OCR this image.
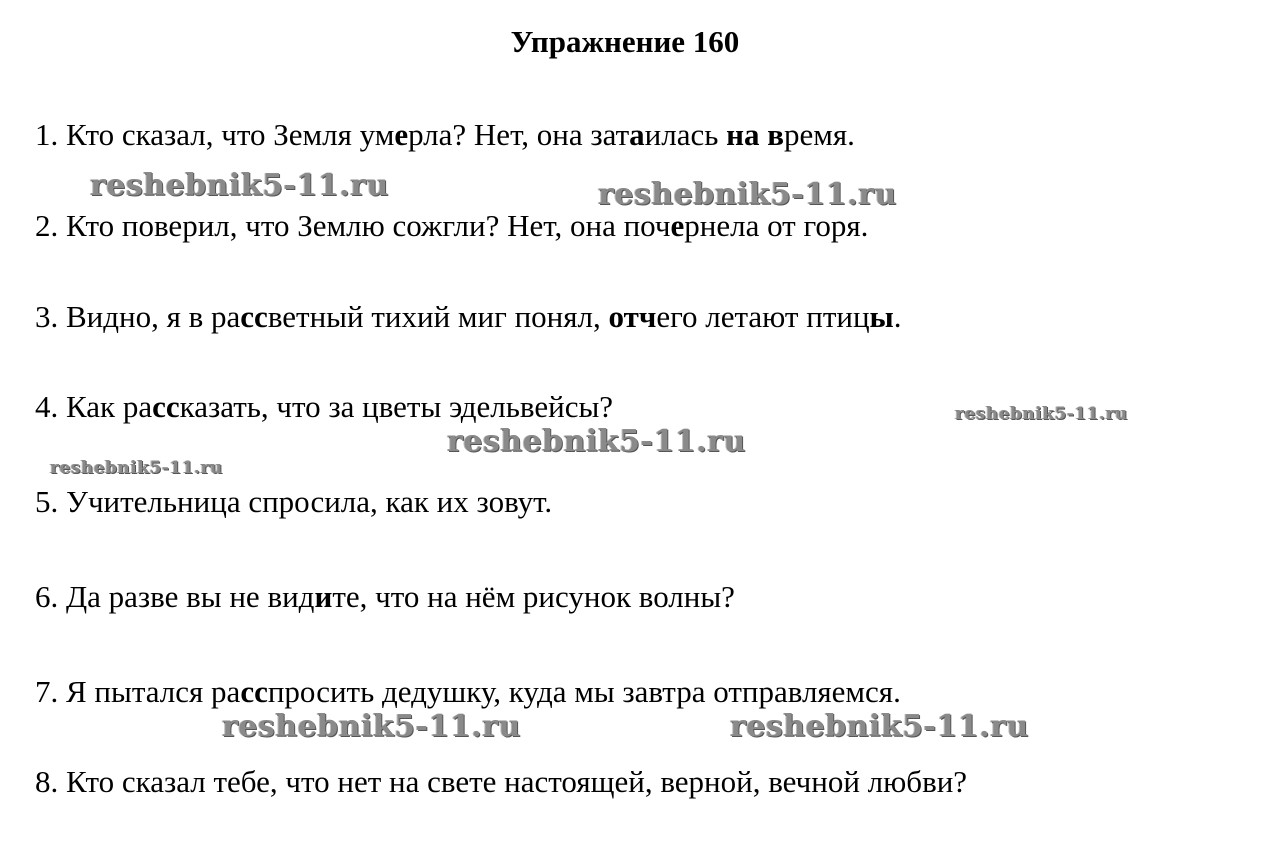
Упражнение 160
1. Кто сказал, что Земля умерла? Нет, она затаилась на время.
2. Кто поверил, что Землю сожгли? Нет, она почернела от горя.
3. Видно, я в рассветный тихий миг понял, отчего летают птицы.
4. Как рассказать, что за цветы эдельвейсы?
5. Учительница спросила, как их зовут.
6. Да разве вы не видите, что на нём рисунок волны?
7. Я пытался расспросить дедушку, куда мы завтра отправляемся.
8. Кто сказал тебе, что нет на свете настоящей, верной, вечной любви?
reshebnik5-11.ru	reshebnik5-11.ru
reshebnik5-11.ru
reshebnik5-11.ru
reshebnik5-11.ru
reshebnik5-11.ru	reshebnik5-11.ru
